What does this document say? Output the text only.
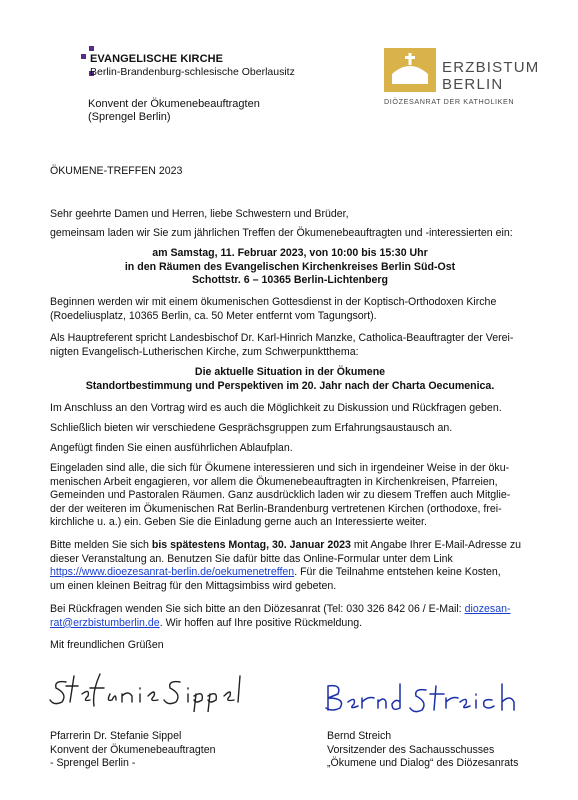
EVANGELISCHE KIRCHE
Berlin-Brandenburg-schlesische Oberlausitz

Konvent der Ökumenebeauftragten

(Sprengel Berlin)

ERZBISTUM
BERLIN
DIÖZESANRAT DER KATHOLIKEN

ÖKUMENE-TREFFEN 2023

Sehr geehrte Damen und Herren, liebe Schwestern und Brüder,

gemeinsam laden wir Sie zum jährlichen Treffen der Ökumenebeauftragten und -interessierten ein:

am Samstag, 11. Februar 2023, von 10:00 bis 15:30 Uhr
in den Räumen des Evangelischen Kirchenkreises Berlin Süd-Ost
Schottstr. 6 – 10365 Berlin-Lichtenberg
Beginnen werden wir mit einem ökumenischen Gottesdienst in der Koptisch-Orthodoxen Kirche
(Roedeliusplatz, 10365 Berlin, ca. 50 Meter entfernt vom Tagungsort).
Als Hauptreferent spricht Landesbischof Dr. Karl-Hinrich Manzke, Catholica-Beauftragter der Verei-
nigten Evangelisch-Lutherischen Kirche, zum Schwerpunktthema:
Die aktuelle Situation in der Ökumene
Standortbestimmung und Perspektiven im 20. Jahr nach der Charta Oecumenica.

Im Anschluss an den Vortrag wird es auch die Möglichkeit zu Diskussion und Rückfragen geben.

Schließlich bieten wir verschiedene Gesprächsgruppen zum Erfahrungsaustausch an.

Angefügt finden Sie einen ausführlichen Ablaufplan.

Eingeladen sind alle, die sich für Ökumene interessieren und sich in irgendeiner Weise in der öku-
menischen Arbeit engagieren, vor allem die Ökumenebeauftragten in Kirchenkreisen, Pfarreien,
Gemeinden und Pastoralen Räumen. Ganz ausdrücklich laden wir zu diesem Treffen auch Mitglie-
der der weiteren im Ökumenischen Rat Berlin-Brandenburg vertretenen Kirchen (orthodoxe, frei-
kirchliche u. a.) ein. Geben Sie die Einladung gerne auch an Interessierte weiter.
Bitte melden Sie sich bis spätestens Montag, 30. Januar 2023 mit Angabe Ihrer E-Mail-Adresse zu
dieser Veranstaltung an. Benutzen Sie dafür bitte das Online-Formular unter dem Link
https://www.dioezesanrat-berlin.de/oekumenetreffen. Für die Teilnahme entstehen keine Kosten,
um einen kleinen Beitrag für den Mittagsimbiss wird gebeten.
Bei Rückfragen wenden Sie sich bitte an den Diözesanrat (Tel: 030 326 842 06 / E-Mail: diozesan-
rat@erzbistumberlin.de. Wir hoffen auf Ihre positive Rückmeldung.

Mit freundlichen Grüßen

Pfarrerin Dr. Stefanie Sippel
Konvent der Ökumenebeauftragten
- Sprengel Berlin -
Bernd Streich
Vorsitzender des Sachausschusses
„Ökumene und Dialog“ des Diözesanrats
